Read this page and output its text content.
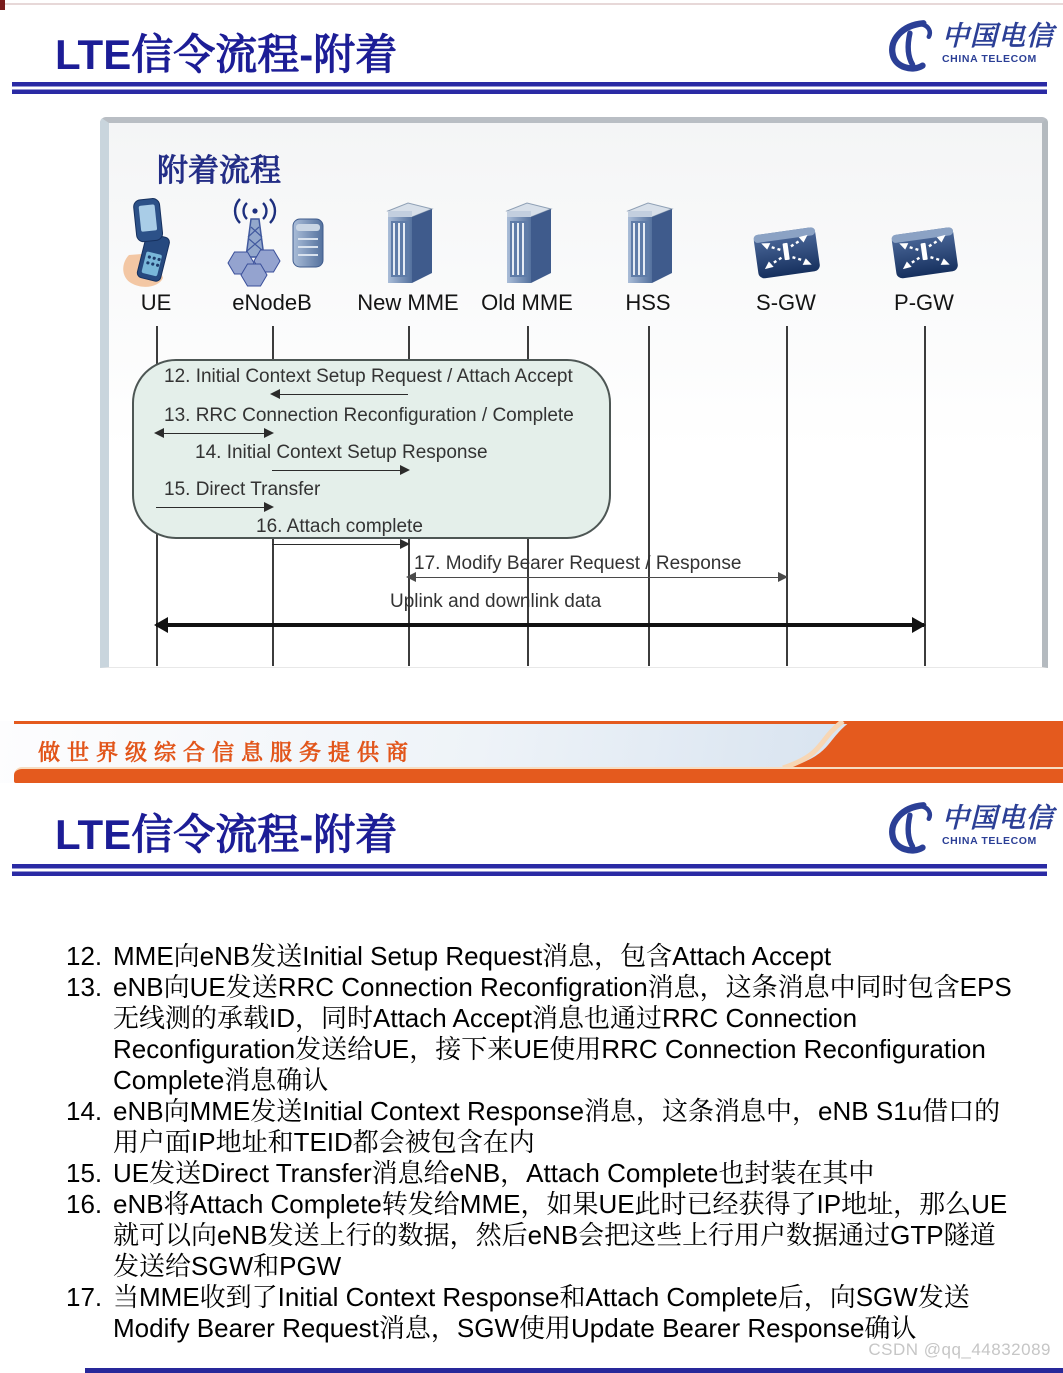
LTE信令流程-附着	中国电信
CHINA TELECOM
附着流程
UE	eNodeB	New MME	Old MME	HSS	S-GW	P-GW
12. Initial Context Setup Request / Attach Accept
13. RRC Connection Reconfiguration / Complete
14. Initial Context Setup Response
15. Direct Transfer
16. Attach complete
17. Modify Bearer Request / Response
Uplink and downlink data
做世界级综合信息服务提供商
LTE信令流程-附着	中国电信
CHINA TELECOM
12. MME向eNB发送Initial Setup Request消息，包含Attach Accept
13. eNB向UE发送RRC Connection Reconfigration消息，这条消息中同时包含EPS无线测的承载ID，同时Attach Accept消息也通过RRC Connection Reconfiguration发送给UE，接下来UE使用RRC Connection Reconfiguration Complete消息确认
14. eNB向MME发送Initial Context Response消息，这条消息中，eNB S1u借口的用户面IP地址和TEID都会被包含在内
15. UE发送Direct Transfer消息给eNB，Attach Complete也封装在其中
16. eNB将Attach Complete转发给MME，如果UE此时已经获得了IP地址，那么UE就可以向eNB发送上行的数据，然后eNB会把这些上行用户数据通过GTP隧道发送给SGW和PGW
17. 当MME收到了Initial Context Response和Attach Complete后，向SGW发送Modify Bearer Request消息，SGW使用Update Bearer Response确认
CSDN @qq_44832089
